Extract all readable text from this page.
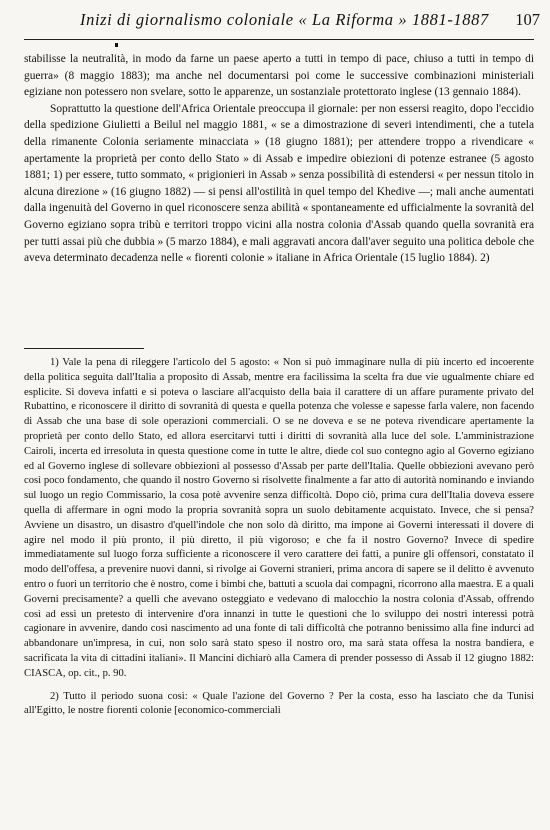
Inizi di giornalismo coloniale « La Riforma » 1881-1887 107

stabilisse la neutralità, in modo da farne un paese aperto a tutti in tempo di pace, chiuso a tutti in tempo di guerra» (8 maggio 1883); ma anche nel documentarsi poi come le successive combinazioni ministeriali egiziane non potessero non svelare, sotto le apparenze, un sostanziale protettorato inglese (13 gennaio 1884).

Soprattutto la questione dell'Africa Orientale preoccupa il giornale: per non essersi reagito, dopo l'eccidio della spedizione Giulietti a Beilul nel maggio 1881, « se a dimostrazione di severi intendimenti, che a tutela della rimanente Colonia seriamente minacciata » (18 giugno 1881); per attendere troppo a rivendicare « apertamente la proprietà per conto dello Stato » di Assab e impedire obiezioni di potenze estranee (5 agosto 1881; 1) per essere, tutto sommato, « prigionieri in Assab » senza possibilità di estendersi « per nessun titolo in alcuna direzione » (16 giugno 1882) — si pensi all'ostilità in quel tempo del Khedive —; mali anche aumentati dalla ingenuità del Governo in quel riconoscere senza abilità « spontaneamente ed ufficialmente la sovranità del Governo egiziano sopra tribù e territori troppo vicini alla nostra colonia d'Assab quando quella sovranità era per tutti assai più che dubbia » (5 marzo 1884), e mali aggravati ancora dall'aver seguito una politica debole che aveva determinato decadenza nelle « fiorenti colonie » italiane in Africa Orientale (15 luglio 1884). 2)

1) Vale la pena di rileggere l'articolo del 5 agosto: « Non si può immaginare nulla di più incerto ed incoerente della politica seguita dall'Italia a proposito di Assab, mentre era facilissima la scelta fra due vie ugualmente chiare ed esplicite. Si doveva infatti e si poteva o lasciare all'acquisto della baia il carattere di un affare puramente privato del Rubattino, e riconoscere il diritto di sovranità di questa e quella potenza che volesse e sapesse farla valere, non facendo di Assab che una base di sole operazioni commerciali. O se ne doveva e se ne poteva rivendicare apertamente la proprietà per conto dello Stato, ed allora esercitarvi tutti i diritti di sovranità alla luce del sole. L'amministrazione Cairoli, incerta ed irresoluta in questa questione come in tutte le altre, diede col suo contegno agio al Governo egiziano ed al Governo inglese di sollevare obbiezioni al possesso d'Assab per parte dell'Italia. Quelle obbiezioni avevano però così poco fondamento, che quando il nostro Governo si risolvette finalmente a far atto di autorità nominando e inviando sul luogo un regio Commissario, la cosa potè avvenire senza difficoltà. Dopo ciò, prima cura dell'Italia doveva essere quella di affermare in ogni modo la propria sovranità sopra un suolo debitamente acquistato. Invece, che si pensa? Avviene un disastro, un disastro d'quell'indole che non solo dà diritto, ma impone ai Governi interessati il dovere di agire nel modo il più pronto, il più diretto, il più vigoroso; e che fa il nostro Governo? Invece di spedire immediatamente sul luogo forza sufficiente a riconoscere il vero carattere dei fatti, a punire gli offensori, constatato il modo dell'offesa, a prevenire nuovi danni, si rivolge ai Governi stranieri, prima ancora di sapere se il delitto è avvenuto entro o fuori un territorio che è nostro, come i bimbi che, battuti a scuola dai compagni, ricorrono alla maestra. E a quali Governi precisamente? a quelli che avevano osteggiato e vedevano di malocchio la nostra colonia d'Assab, offrendo così ad essi un pretesto di intervenire d'ora innanzi in tutte le questioni che lo sviluppo dei nostri interessi potrà cagionare in avvenire, dando così nascimento ad una fonte di tali difficoltà che potranno benissimo alla fine indurci ad abbandonare un'impresa, in cui, non solo sarà stato speso il nostro oro, ma sarà stata offesa la nostra bandiera, e sacrificata la vita di cittadini italiani». Il Mancini dichiarò alla Camera di prender possesso di Assab il 12 giugno 1882: CIASCA, op. cit., p. 90.

2) Tutto il periodo suona così: « Quale l'azione del Governo ? Per la costa, esso ha lasciato che da Tunisi all'Egitto, le nostre fiorenti colonie [economico-commerciali
